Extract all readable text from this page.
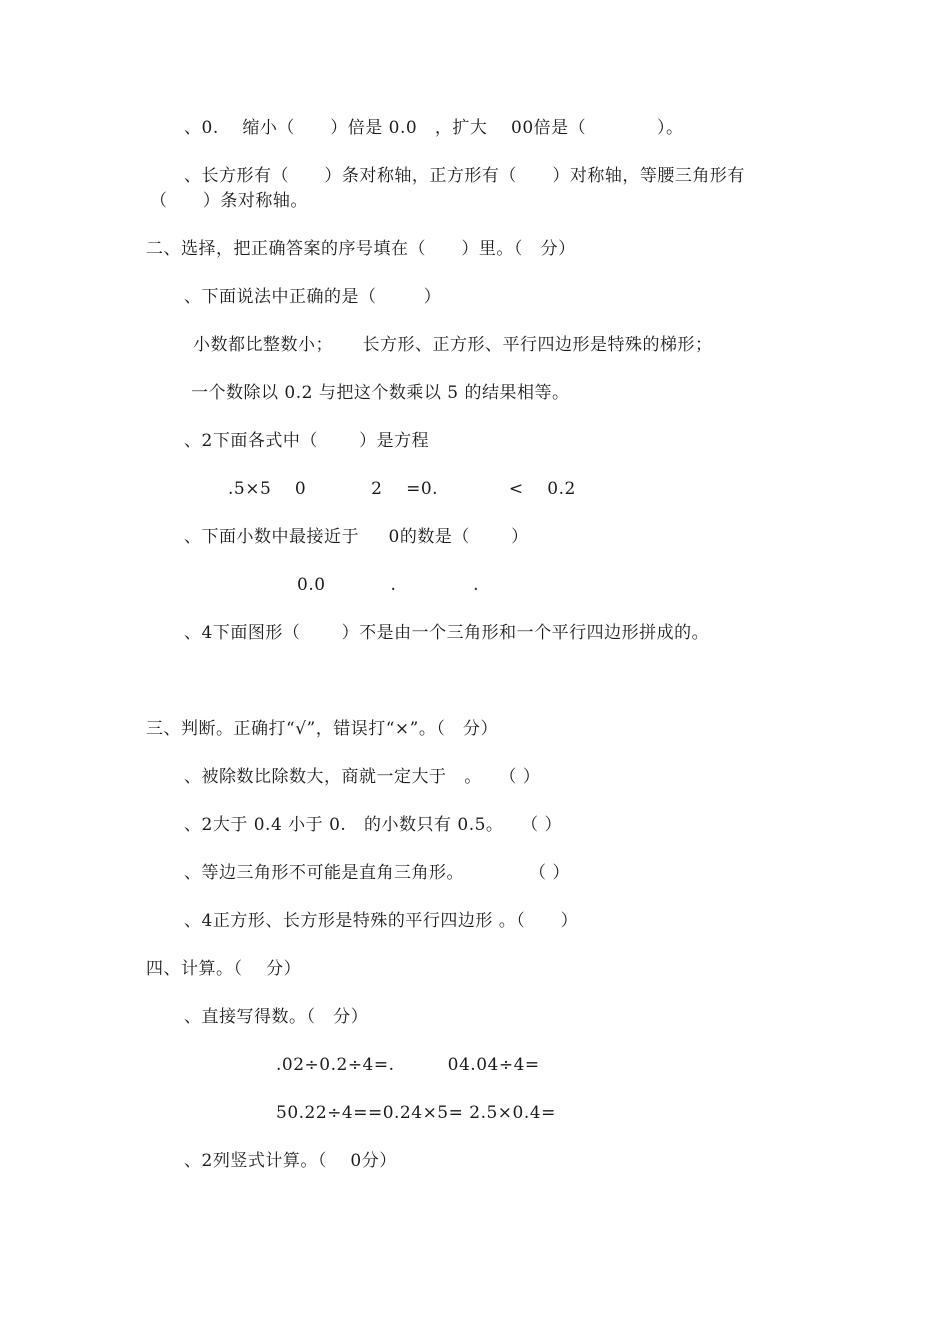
、0.    缩小（      ）倍是 0.0   ，扩大    00倍是（            ）。
、长方形有（      ）条对称轴，正方形有（      ）对称轴，等腰三角形有
（      ）条对称轴。
二、选择，把正确答案的序号填在（      ）里。（   分）
、下面说法中正确的是（        ）
小数都比整数小；     长方形、正方形、平行四边形是特殊的梯形；
一个数除以 0.2 与把这个数乘以 5 的结果相等。
、2下面各式中（       ）是方程
.5×5    0           2    =0.            <    0.2
、下面小数中最接近于     0的数是（       ）
0.0           .             .
、4下面图形（       ）不是由一个三角形和一个平行四边形拼成的。
三、判断。正确打“√”，错误打“×”。（   分）
、被除数比除数大，商就一定大于   。   （ ）
、2大于 0.4 小于 0.   的小数只有 0.5。   （ ）
、等边三角形不可能是直角三角形。           （ ）
、4正方形、长方形是特殊的平行四边形 。（      ）
四、计算。（    分）
、直接写得数。（   分）
.02÷0.2÷4=.         04.04÷4=
50.22÷4==0.24×5= 2.5×0.4=
、2列竖式计算。（    0分）
